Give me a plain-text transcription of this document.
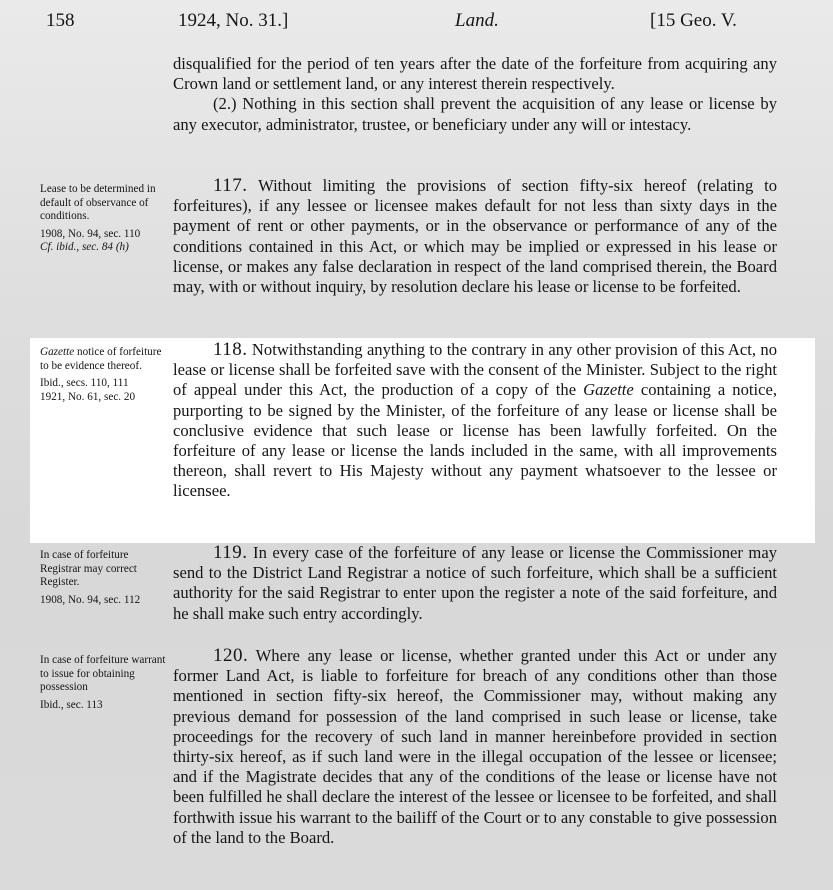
158	1924, No. 31.]	Land.	[15 Geo. V.

disqualified for the period of ten years after the date of the forfeiture from acquiring any Crown land or settlement land, or any interest therein respectively.

(2.) Nothing in this section shall prevent the acquisition of any lease or license by any executor, administrator, trustee, or beneficiary under any will or intestacy.

Lease to be determined in default of observance of conditions.
1908, No. 94, sec. 110
Cf. ibid., sec. 84 (h)

117. Without limiting the provisions of section fifty-six hereof (relating to forfeitures), if any lessee or licensee makes default for not less than sixty days in the payment of rent or other payments, or in the observance or performance of any of the conditions contained in this Act, or which may be implied or expressed in his lease or license, or makes any false declaration in respect of the land comprised therein, the Board may, with or without inquiry, by resolution declare his lease or license to be forfeited.

Gazette notice of forfeiture to be evidence thereof.
Ibid., secs. 110, 111
1921, No. 61, sec. 20

118. Notwithstanding anything to the contrary in any other provision of this Act, no lease or license shall be forfeited save with the consent of the Minister. Subject to the right of appeal under this Act, the production of a copy of the Gazette containing a notice, purporting to be signed by the Minister, of the forfeiture of any lease or license shall be conclusive evidence that such lease or license has been lawfully forfeited. On the forfeiture of any lease or license the lands included in the same, with all improvements thereon, shall revert to His Majesty without any payment whatsoever to the lessee or licensee.

In case of forfeiture Registrar may correct Register.
1908, No. 94, sec. 112

119. In every case of the forfeiture of any lease or license the Commissioner may send to the District Land Registrar a notice of such forfeiture, which shall be a sufficient authority for the said Registrar to enter upon the register a note of the said forfeiture, and he shall make such entry accordingly.

In case of forfeiture warrant to issue for obtaining possession
Ibid., sec. 113

120. Where any lease or license, whether granted under this Act or under any former Land Act, is liable to forfeiture for breach of any conditions other than those mentioned in section fifty-six hereof, the Commissioner may, without making any previous demand for possession of the land comprised in such lease or license, take proceedings for the recovery of such land in manner hereinbefore provided in section thirty-six hereof, as if such land were in the illegal occupation of the lessee or licensee; and if the Magistrate decides that any of the conditions of the lease or license have not been fulfilled he shall declare the interest of the lessee or licensee to be forfeited, and shall forthwith issue his warrant to the bailiff of the Court or to any constable to give possession of the land to the Board.
